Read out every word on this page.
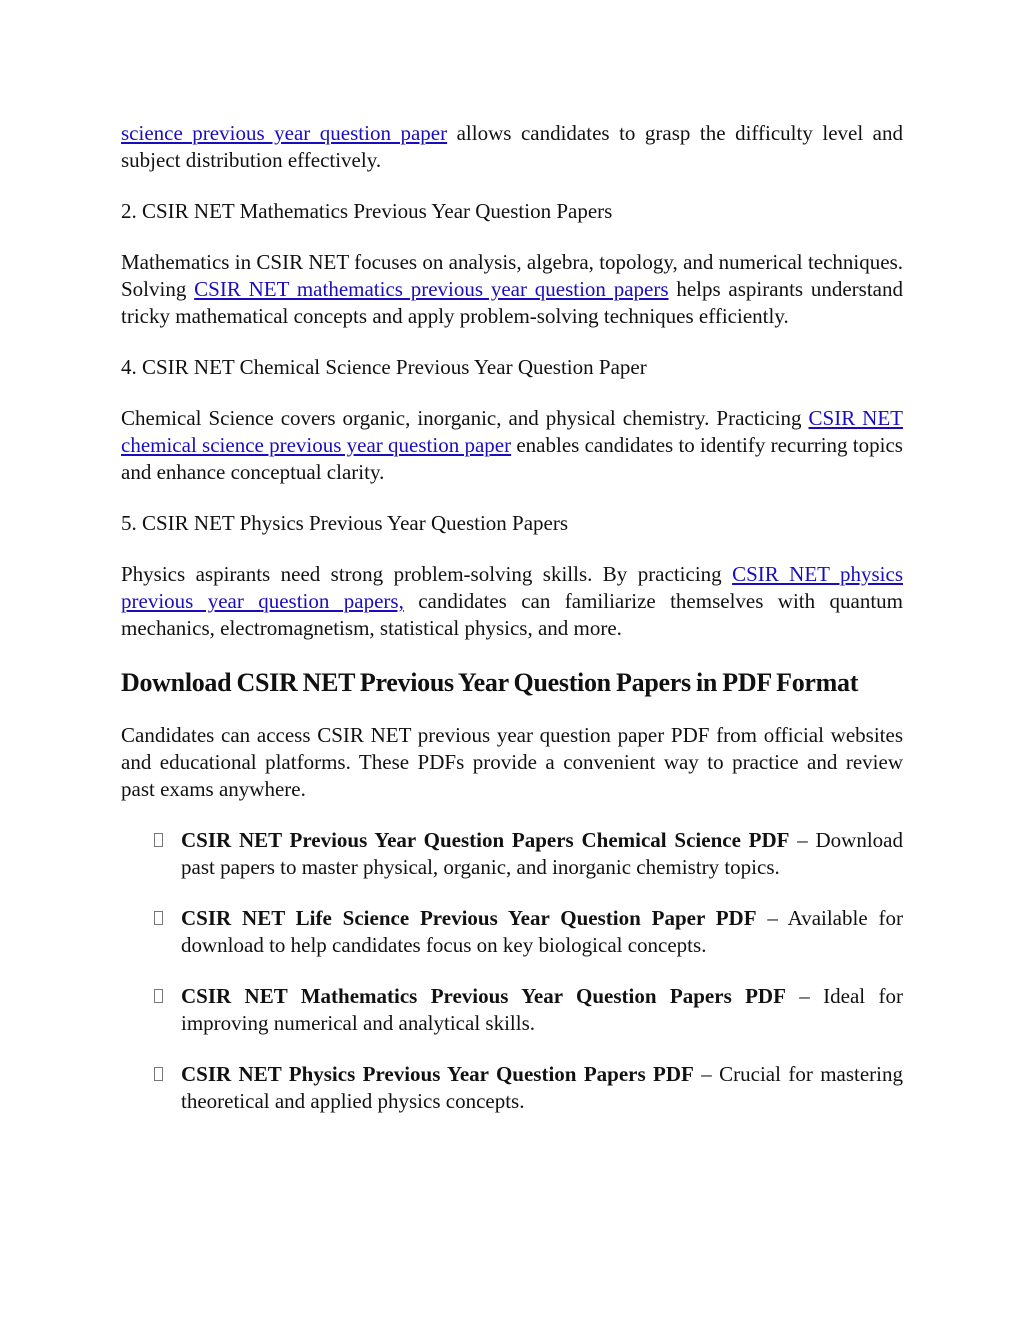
science previous year question paper allows candidates to grasp the difficulty level and subject distribution effectively.

2. CSIR NET Mathematics Previous Year Question Papers

Mathematics in CSIR NET focuses on analysis, algebra, topology, and numerical techniques. Solving CSIR NET mathematics previous year question papers helps aspirants understand tricky mathematical concepts and apply problem-solving techniques efficiently.

4. CSIR NET Chemical Science Previous Year Question Paper

Chemical Science covers organic, inorganic, and physical chemistry. Practicing CSIR NET chemical science previous year question paper enables candidates to identify recurring topics and enhance conceptual clarity.

5. CSIR NET Physics Previous Year Question Papers

Physics aspirants need strong problem-solving skills. By practicing CSIR NET physics previous year question papers, candidates can familiarize themselves with quantum mechanics, electromagnetism, statistical physics, and more.

Download CSIR NET Previous Year Question Papers in PDF Format

Candidates can access CSIR NET previous year question paper PDF from official websites and educational platforms. These PDFs provide a convenient way to practice and review past exams anywhere.

CSIR NET Previous Year Question Papers Chemical Science PDF – Download past papers to master physical, organic, and inorganic chemistry topics.
CSIR NET Life Science Previous Year Question Paper PDF – Available for download to help candidates focus on key biological concepts.
CSIR NET Mathematics Previous Year Question Papers PDF – Ideal for improving numerical and analytical skills.
CSIR NET Physics Previous Year Question Papers PDF – Crucial for mastering theoretical and applied physics concepts.
